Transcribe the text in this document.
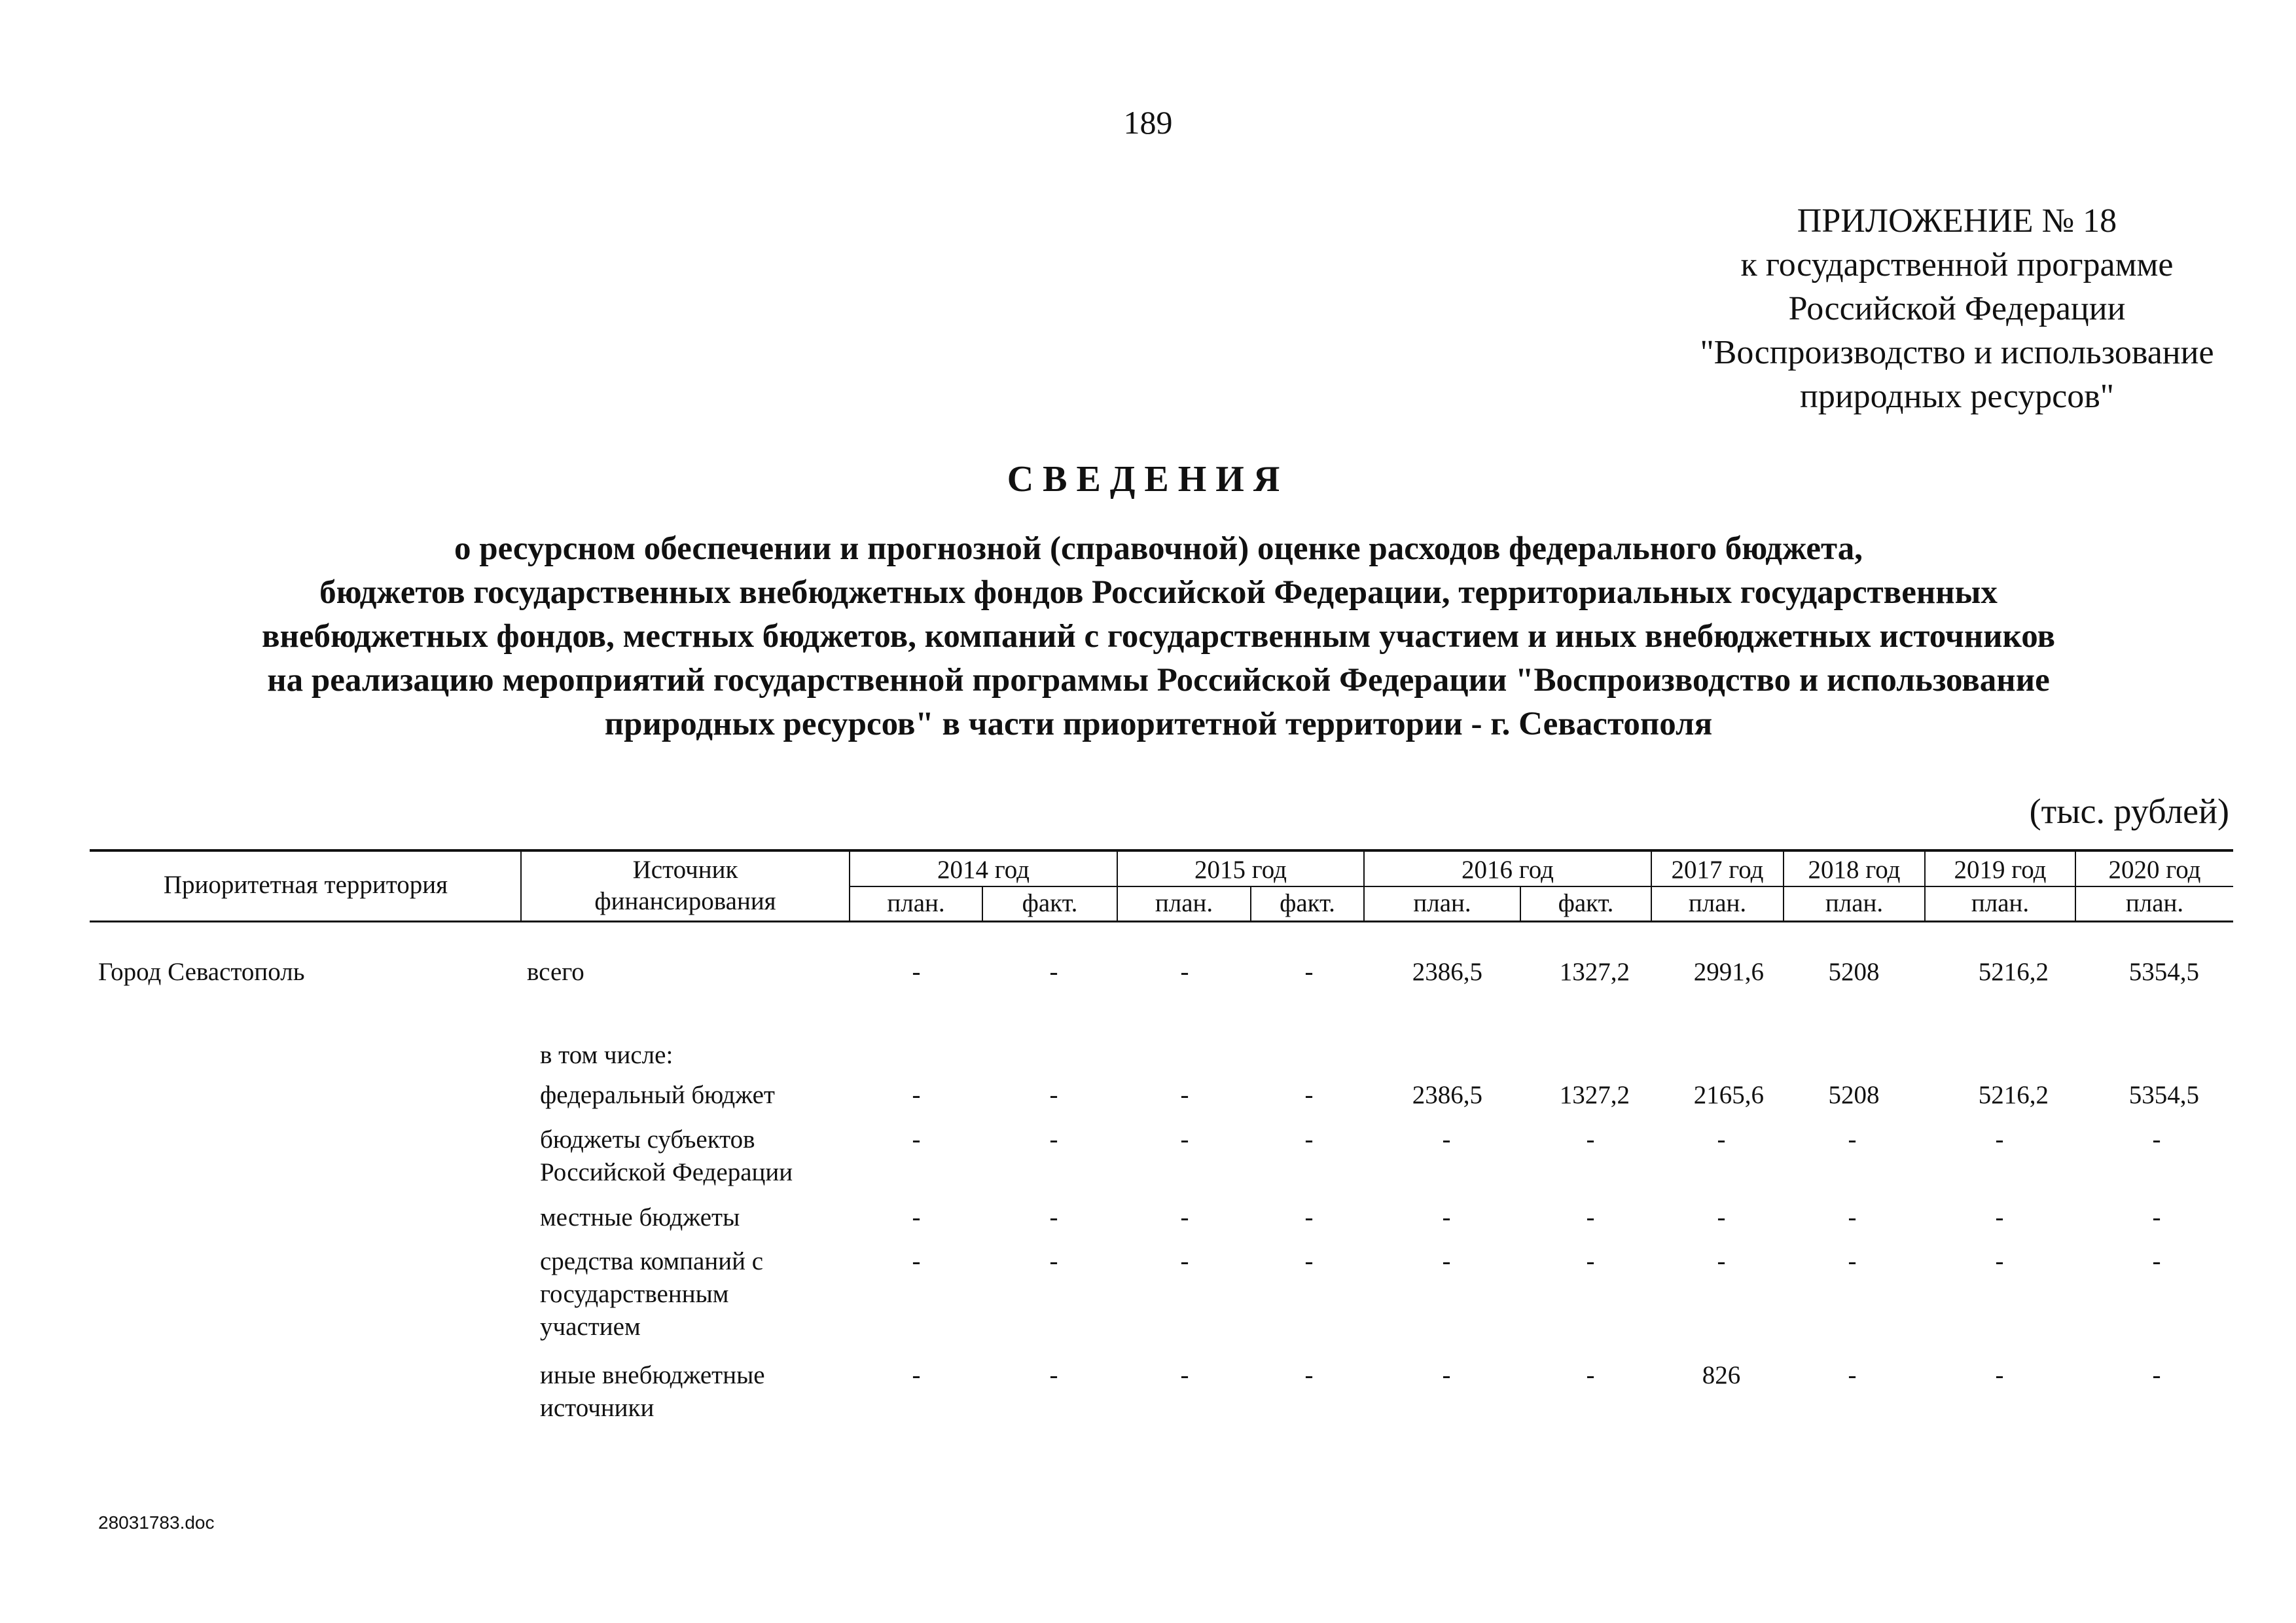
189
ПРИЛОЖЕНИЕ № 18
к государственной программе
Российской Федерации
"Воспроизводство и использование
природных ресурсов"
СВЕДЕНИЯ
о ресурсном обеспечении и прогнозной (справочной) оценке расходов федерального бюджета,
бюджетов государственных внебюджетных фондов Российской Федерации, территориальных государственных
внебюджетных фондов, местных бюджетов, компаний с государственным участием и иных внебюджетных источников
на реализацию мероприятий государственной программы Российской Федерации "Воспроизводство и использование
природных ресурсов" в части приоритетной территории - г. Севастополя
(тыс. рублей)
Приоритетная территория
Источник
финансирования
2014 год	2015 год	2016 год	2017 год	2018 год	2019 год	2020 год
план.	факт.	план.	факт.	план.	факт.	план.	план.	план.	план.
Город Севастополь	всего	-	-	-	-	2386,5	1327,2	2991,6	5208	5216,2	5354,5
в том числе:
федеральный бюджет	-	-	-	-	2386,5	1327,2	2165,6	5208	5216,2	5354,5
бюджеты субъектов
Российской Федерации
-	-	-	-	-	-	-	-	-	-
местные бюджеты	-	-	-	-	-	-	-	-	-	-
средства компаний с
государственным
участием
-	-	-	-	-	-	-	-	-	-
иные внебюджетные
источники
-	-	-	-	-	-	826	-	-	-
28031783.doc
